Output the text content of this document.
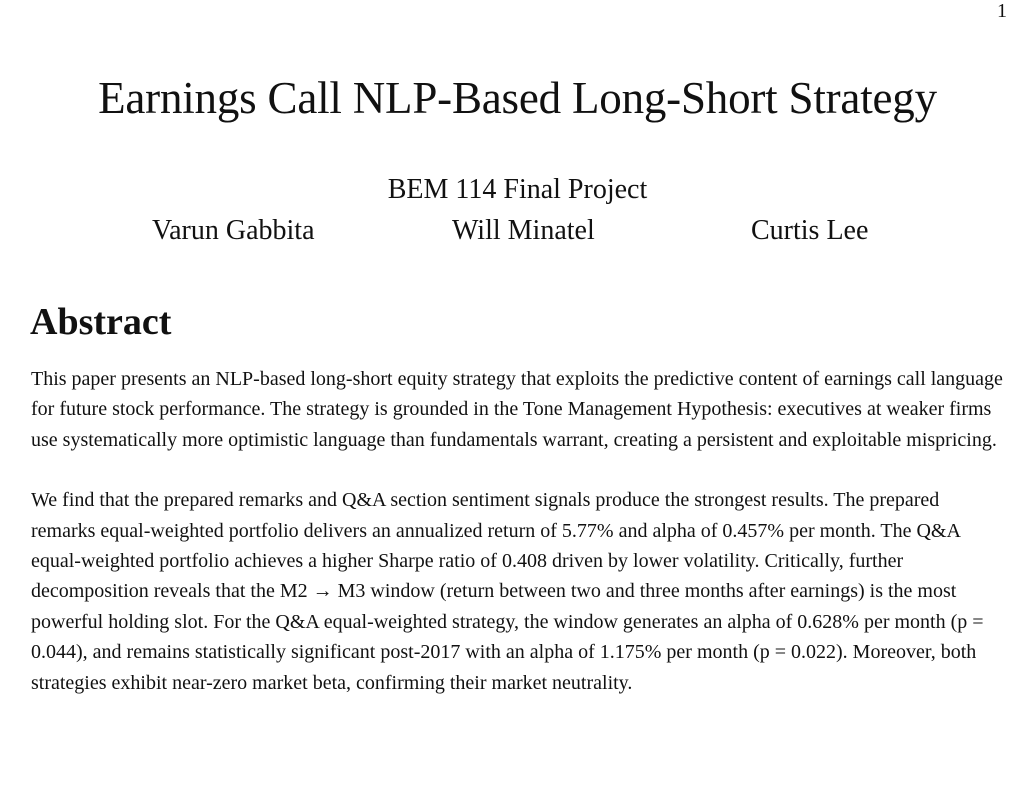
1
Earnings Call NLP-Based Long-Short Strategy
BEM 114 Final Project
Varun Gabbita	Will Minatel	Curtis Lee
Abstract

This paper presents an NLP-based long-short equity strategy that exploits the predictive content of earnings call language for future stock performance. The strategy is grounded in the Tone Management Hypothesis: executives at weaker firms use systematically more optimistic language than fundamentals warrant, creating a persistent and exploitable mispricing.

We find that the prepared remarks and Q&A section sentiment signals produce the strongest results. The prepared remarks equal-weighted portfolio delivers an annualized return of 5.77% and alpha of 0.457% per month. The Q&A equal-weighted portfolio achieves a higher Sharpe ratio of 0.408 driven by lower volatility. Critically, further decomposition reveals that the M2 → M3 window (return between two and three months after earnings) is the most powerful holding slot. For the Q&A equal-weighted strategy, the window generates an alpha of 0.628% per month (p = 0.044), and remains statistically significant post-2017 with an alpha of 1.175% per month (p = 0.022). Moreover, both strategies exhibit near-zero market beta, confirming their market neutrality.
